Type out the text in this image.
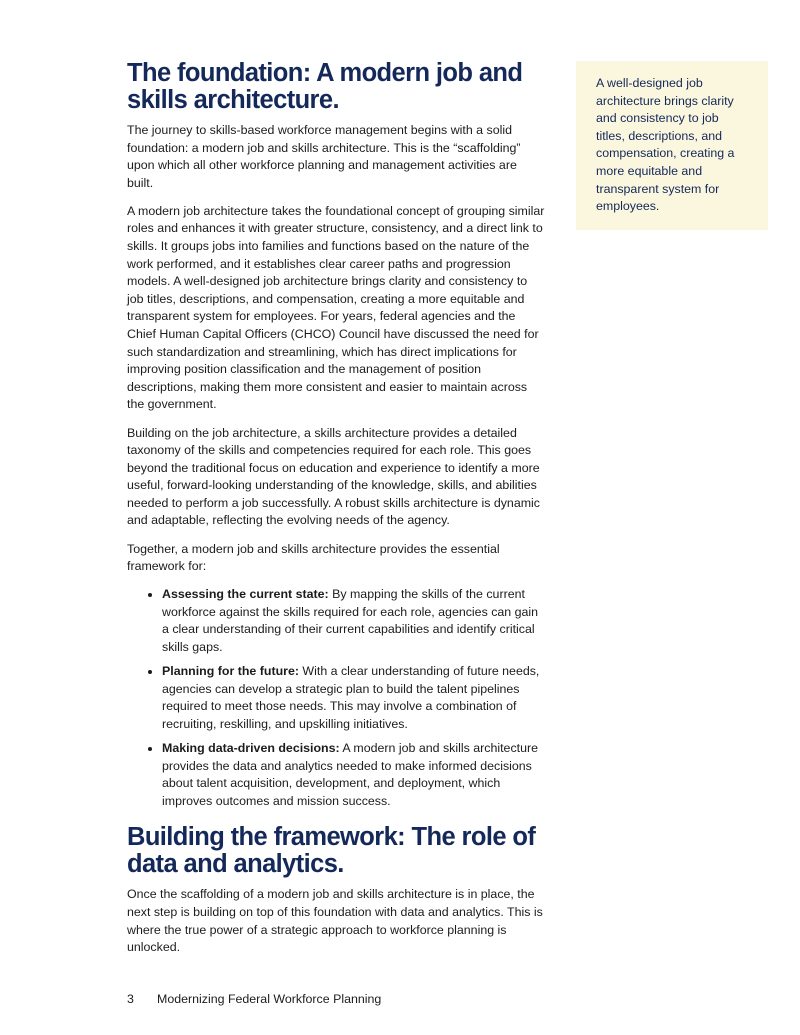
The foundation: A modern job and skills architecture.

The journey to skills-based workforce management begins with a solid foundation: a modern job and skills architecture. This is the “scaffolding” upon which all other workforce planning and management activities are built.

A modern job architecture takes the foundational concept of grouping similar roles and enhances it with greater structure, consistency, and a direct link to skills. It groups jobs into families and functions based on the nature of the work performed, and it establishes clear career paths and progression models. A well-designed job architecture brings clarity and consistency to job titles, descriptions, and compensation, creating a more equitable and transparent system for employees. For years, federal agencies and the Chief Human Capital Officers (CHCO) Council have discussed the need for such standardization and streamlining, which has direct implications for improving position classification and the management of position descriptions, making them more consistent and easier to maintain across the government.

Building on the job architecture, a skills architecture provides a detailed taxonomy of the skills and competencies required for each role. This goes beyond the traditional focus on education and experience to identify a more useful, forward-looking understanding of the knowledge, skills, and abilities needed to perform a job successfully. A robust skills architecture is dynamic and adaptable, reflecting the evolving needs of the agency.

Together, a modern job and skills architecture provides the essential framework for:

• Assessing the current state: By mapping the skills of the current workforce against the skills required for each role, agencies can gain a clear understanding of their current capabilities and identify critical skills gaps.
• Planning for the future: With a clear understanding of future needs, agencies can develop a strategic plan to build the talent pipelines required to meet those needs. This may involve a combination of recruiting, reskilling, and upskilling initiatives.
• Making data-driven decisions: A modern job and skills architecture provides the data and analytics needed to make informed decisions about talent acquisition, development, and deployment, which improves outcomes and mission success.
Building the framework: The role of data and analytics.

Once the scaffolding of a modern job and skills architecture is in place, the next step is building on top of this foundation with data and analytics. This is where the true power of a strategic approach to workforce planning is unlocked.

A well-designed job architecture brings clarity and consistency to job titles, descriptions, and compensation, creating a more equitable and transparent system for employees.
3 Modernizing Federal Workforce Planning
